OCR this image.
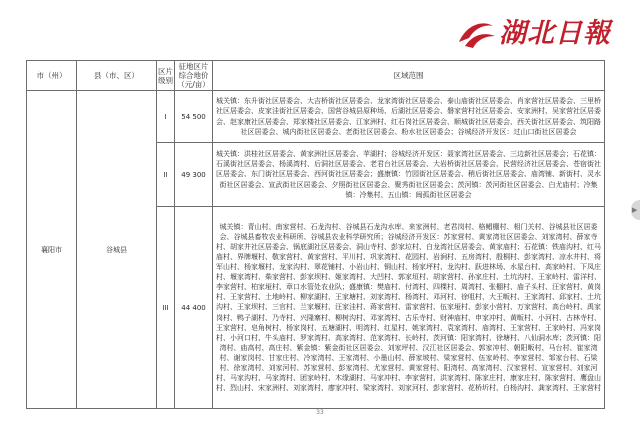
湖北日報
▶
市（州）	县（市、区）	区片
级别	征地区片
综合地价
（元/亩）	区域范围
襄阳市	谷城县	I	54 500	城关镇：东升街社区居委会、大吉桥街社区居委会、龙家湾街社区居委会、泰山庙街社区居委会、肖家营社区居委会、三里桥社区居委会、皮家洼街社区居委会、国营谷城县原种场、后湖社区居委会、磐家营村社区居委会、安家洲村、吴家营社区居委会、赵家康社区居委会、郑家楼社区居委会、江家洲村、红石岗社区居委会、顺城街社区居委会、西关街社区居委会、筑阳路社区居委会、城内街社区居委会、老街社区居委会、粉水社区居委会；谷城经济开发区：过山口街社区居委会
		II	49 300	城关镇：洪桂社区居委会、黄家洲社区居委会、苹湖村；谷城经济开发区：聂家湾社区居委会、三边新社区居委会；石花镇：石溪街社区居委会、杨溪湾村、后洞社区居委会、老君台社区居委会、大岩桥街社区居委会、民营经济社区居委会、苍宿街社区居委会、东门街社区居委会、西河街社区居委会；盛康镇：竹园街社区居委会、稍后街社区居委会、庙湾铺、新街村、灵水街社区居委会、宣武街社区居委会、夕照街社区居委会、聚秀街社区居委会；茨河镇：茨河街社区居委会、白尤庙村；冷集镇：冷集村、五山镇：闽孤街社区居委会
		III	44 400	城关镇：青山村、南家营村、石龙沟村、谷城县石龙沟水库、来家洲村、老君岗村、格鲳棚村、相门关村、谷城县社区居委会、谷城县畜牧农业科研所、谷城县农业科学研究所；谷城经济开发区：苏家营村、黄家湾社区居委会、刘家湾村、薛家寺村、胡家井社区居委会、锅底湖社区居委会、洞山寺村、彭家垃村、白龙湾社区居委会、黄家庙村；石花镇：铁庙沟村、红马庙村、界牌堰村、敬家营村、黄家营村、平川村、巩家湾村、花园村、岩涧村、五房湾村、殷桐村、彭家湾村、凉水井村、将军山村、杨家堰村、龙家沟村、翠花铺村、小岩山村、铜山村、杨家坪村、龙沟村、跃进林场、水星台村、高家岭村、下凤庄村、堰家湾村、柴家营村、彭家坝村、姬家湾村、大凹村、郭家垣村、胡家营村、孙家庄村、土坑沟村、王家岭村、雷洋村、李家营村、柏家垭村、章口水管处农业队；盛康镇：樊庙村、付湾村、四棵村、周湾村、张棚村、庙子头村、汪家营村、黄岗村、王家营村、土地岭村、柳家湖村、王家塘村、刘家湾村、杨湾村、邓河村、徐咀村、大王畈村、王家湾村、邱家村、土坑沟村、王家坝村、三官村、兰家堰村、汪家洼村、蒋家营村、雷家营村、伍家垭村、彭家小营村、万家营村、高台岭村、禹家岗村、鸭子湖村、乃寺村、兴隆寨村、柳树沟村、邓家湾村、古乐寺村、财神庙村、申家冲村、黄畈村、小河村、古林寺村、王家营村、皂角树村、杨家岗村、五塘湖村、明湾村、红星村、姚家湾村、袁家湾村、庙湾村、王家营村、王家岭村、冯家岗村、小河口村、牛头庙村、罗家湾村、高家湾村、范家湾村、长岭村、茨河镇：阳家湾村、徐塘村、八仙洞水库；茨河镇：阳湾村、庙高村、高庄村、紫金镇：紫金街社区居委会、刘家坪村、汉江社区居委会、郭家冲村、朝阳畈村、马台村、崔家湾村、谢家岗村、甘家庄村、冷家湾村、王家湾村、小墨山村、薛家坡村、梁家营村、伍家岭村、李家营村、邹家台村、石梁村、徐家湾村、刘家河村、苏家营村、彭家湾村、尤家营村、黄家营村、阳湾村、高家湾村、汉家营村、宣家营村、刘家河村、马家沟村、马家湾村、团家岭村、木缘湖村、马家冲村、李家营村、洪家湾村、陈家庄村、康家庄村、陈家营村、鹰盘山村、烈山村、宋家洲村、刘家湾村、廖家冲村、梁家湾村、刘家河村、彭家营村、花桥圻村、白杨沟村、龚家湾村、王家营村
33
